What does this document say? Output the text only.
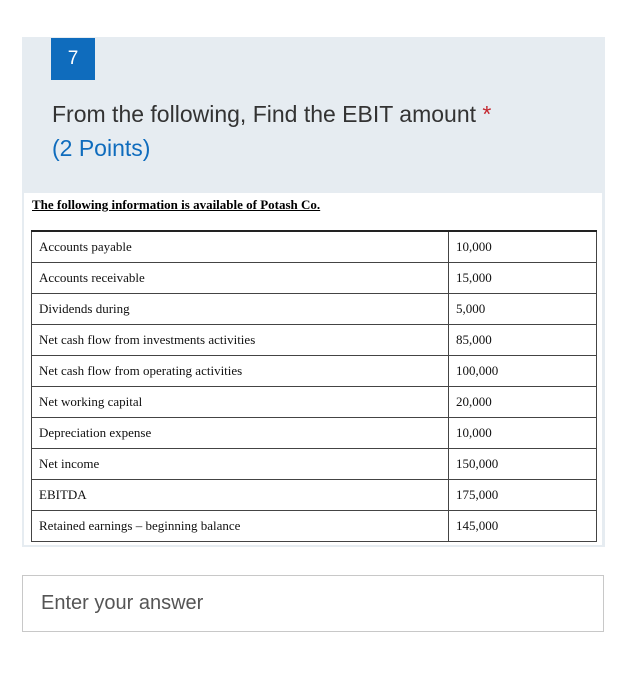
7
From the following, Find the EBIT amount *
(2 Points)
The following information is available of Potash Co.
Accounts payable	10,000
Accounts receivable	15,000
Dividends during	5,000
Net cash flow from investments activities	85,000
Net cash flow from operating activities	100,000
Net working capital	20,000
Depreciation expense	10,000
Net income	150,000
EBITDA	175,000
Retained earnings – beginning balance	145,000
Enter your answer
